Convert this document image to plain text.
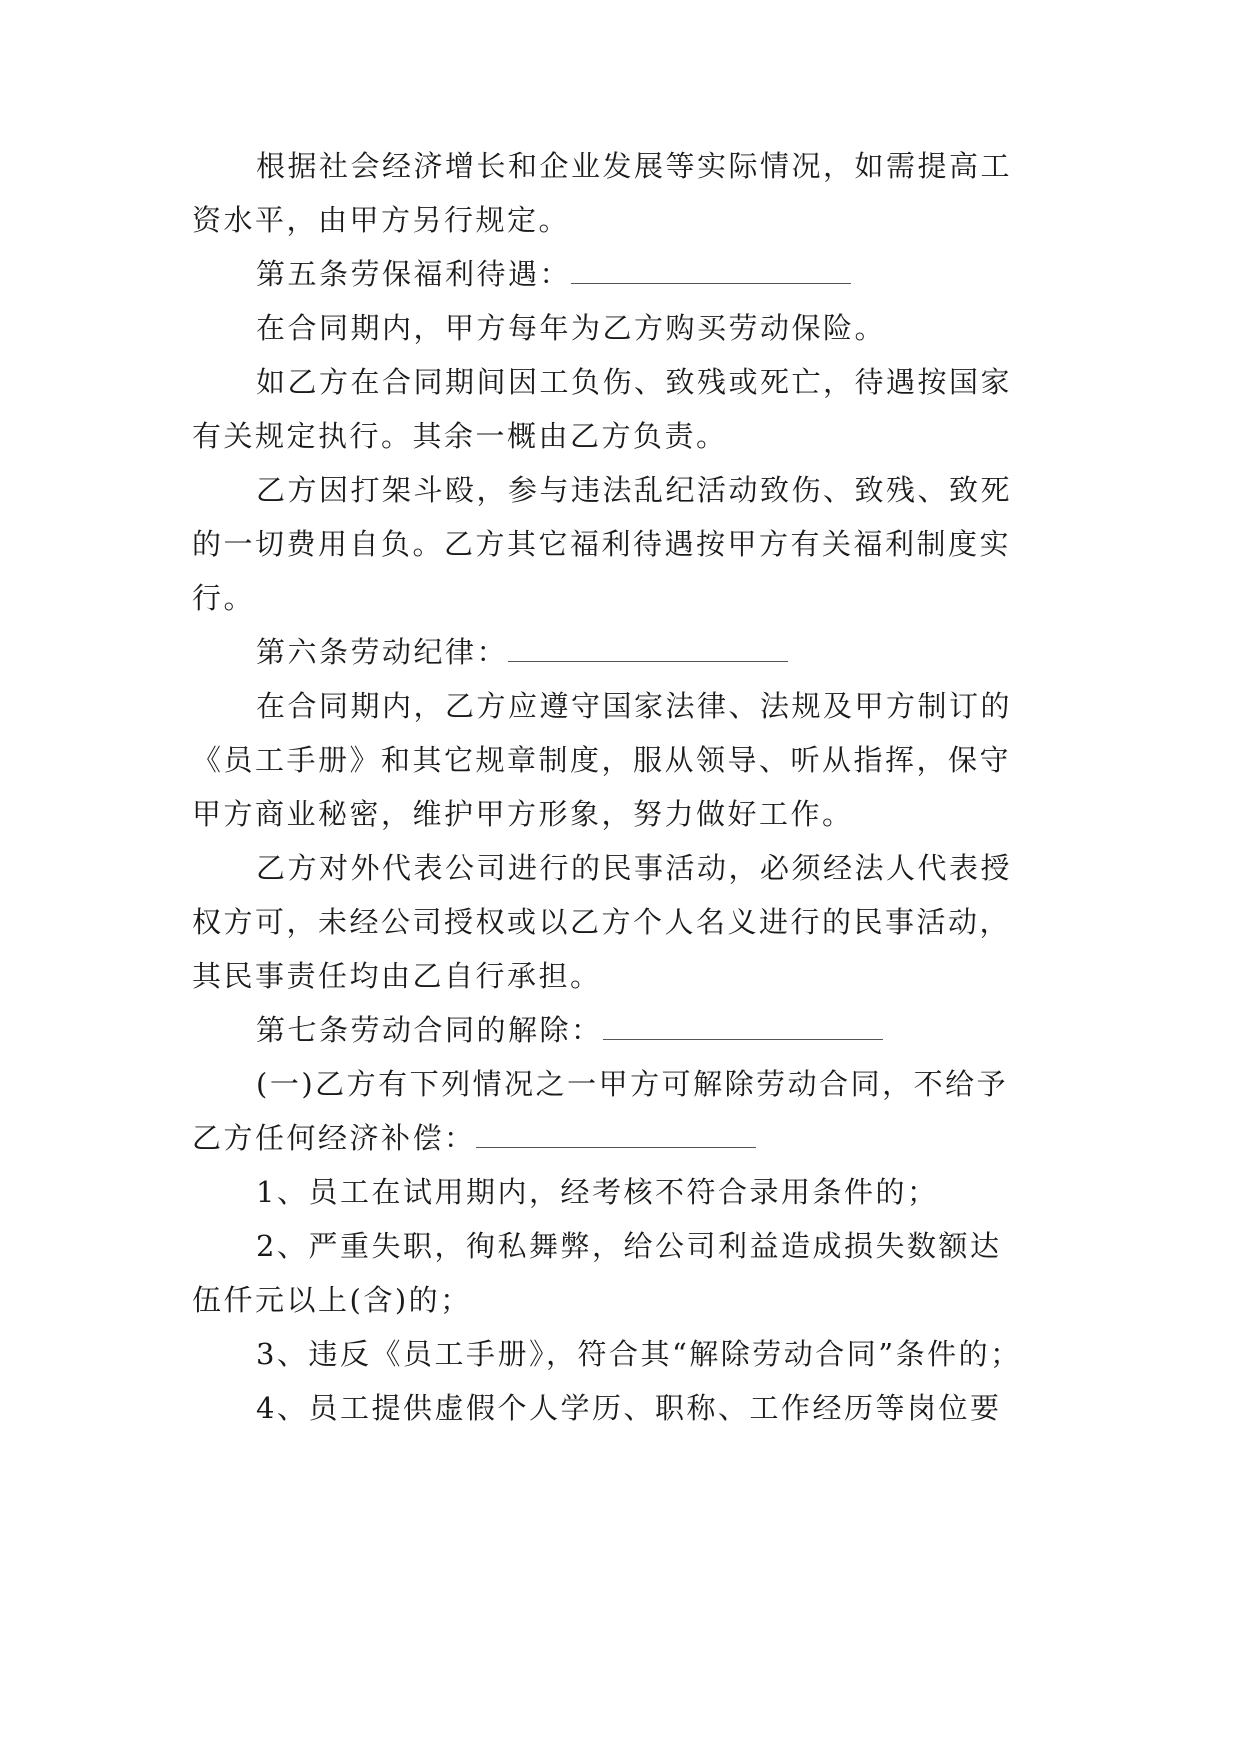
根据社会经济增长和企业发展等实际情况，如需提高工
资水平，由甲方另行规定。
第五条劳保福利待遇：
在合同期内，甲方每年为乙方购买劳动保险。
如乙方在合同期间因工负伤、致残或死亡，待遇按国家
有关规定执行。其余一概由乙方负责。
乙方因打架斗殴，参与违法乱纪活动致伤、致残、致死
的一切费用自负。乙方其它福利待遇按甲方有关福利制度实
行。
第六条劳动纪律：
在合同期内，乙方应遵守国家法律、法规及甲方制订的
《员工手册》和其它规章制度，服从领导、听从指挥，保守
甲方商业秘密，维护甲方形象，努力做好工作。
乙方对外代表公司进行的民事活动，必须经法人代表授
权方可，未经公司授权或以乙方个人名义进行的民事活动，
其民事责任均由乙自行承担。
第七条劳动合同的解除：
(一)乙方有下列情况之一甲方可解除劳动合同，不给予
乙方任何经济补偿：
1、员工在试用期内，经考核不符合录用条件的；
2、严重失职，徇私舞弊，给公司利益造成损失数额达
伍仟元以上(含)的；
3、违反《员工手册》，符合其“解除劳动合同”条件的；
4、员工提供虚假个人学历、职称、工作经历等岗位要
